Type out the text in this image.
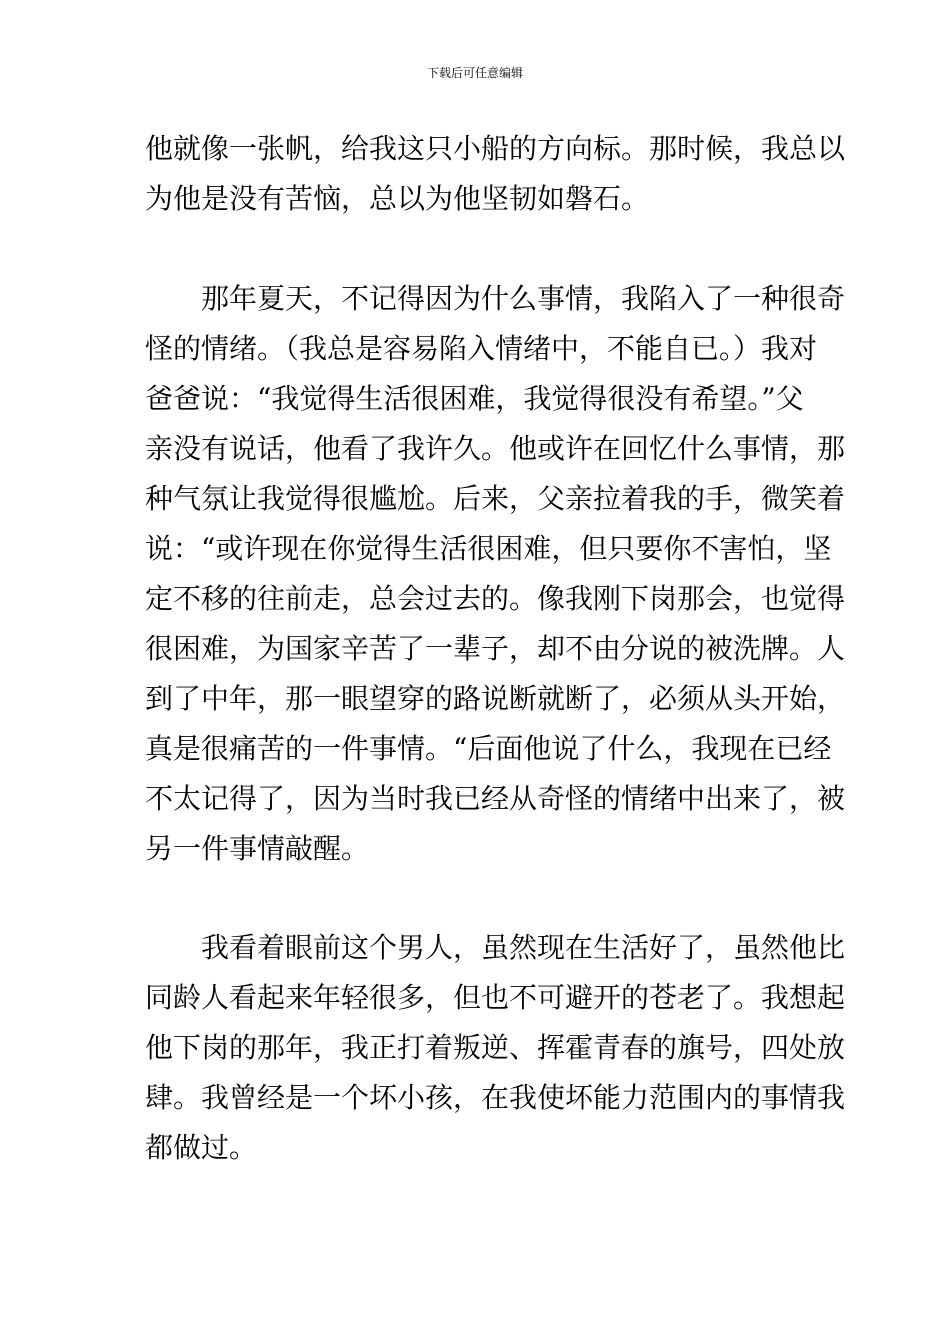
下载后可任意编辑
他就像一张帆，给我这只小船的方向标。那时候，我总以
为他是没有苦恼，总以为他坚韧如磐石。
　　那年夏天，不记得因为什么事情，我陷入了一种很奇
怪的情绪。（我总是容易陷入情绪中，不能自已。）我对
爸爸说：“我觉得生活很困难，我觉得很没有希望。”父
亲没有说话，他看了我许久。他或许在回忆什么事情，那
种气氛让我觉得很尴尬。后来，父亲拉着我的手，微笑着
说：“或许现在你觉得生活很困难，但只要你不害怕，坚
定不移的往前走，总会过去的。像我刚下岗那会，也觉得
很困难，为国家辛苦了一辈子，却不由分说的被洗牌。人
到了中年，那一眼望穿的路说断就断了，必须从头开始，
真是很痛苦的一件事情。“后面他说了什么，我现在已经
不太记得了，因为当时我已经从奇怪的情绪中出来了，被
另一件事情敲醒。
　　我看着眼前这个男人，虽然现在生活好了，虽然他比
同龄人看起来年轻很多，但也不可避开的苍老了。我想起
他下岗的那年，我正打着叛逆、挥霍青春的旗号，四处放
肆。我曾经是一个坏小孩，在我使坏能力范围内的事情我
都做过。
